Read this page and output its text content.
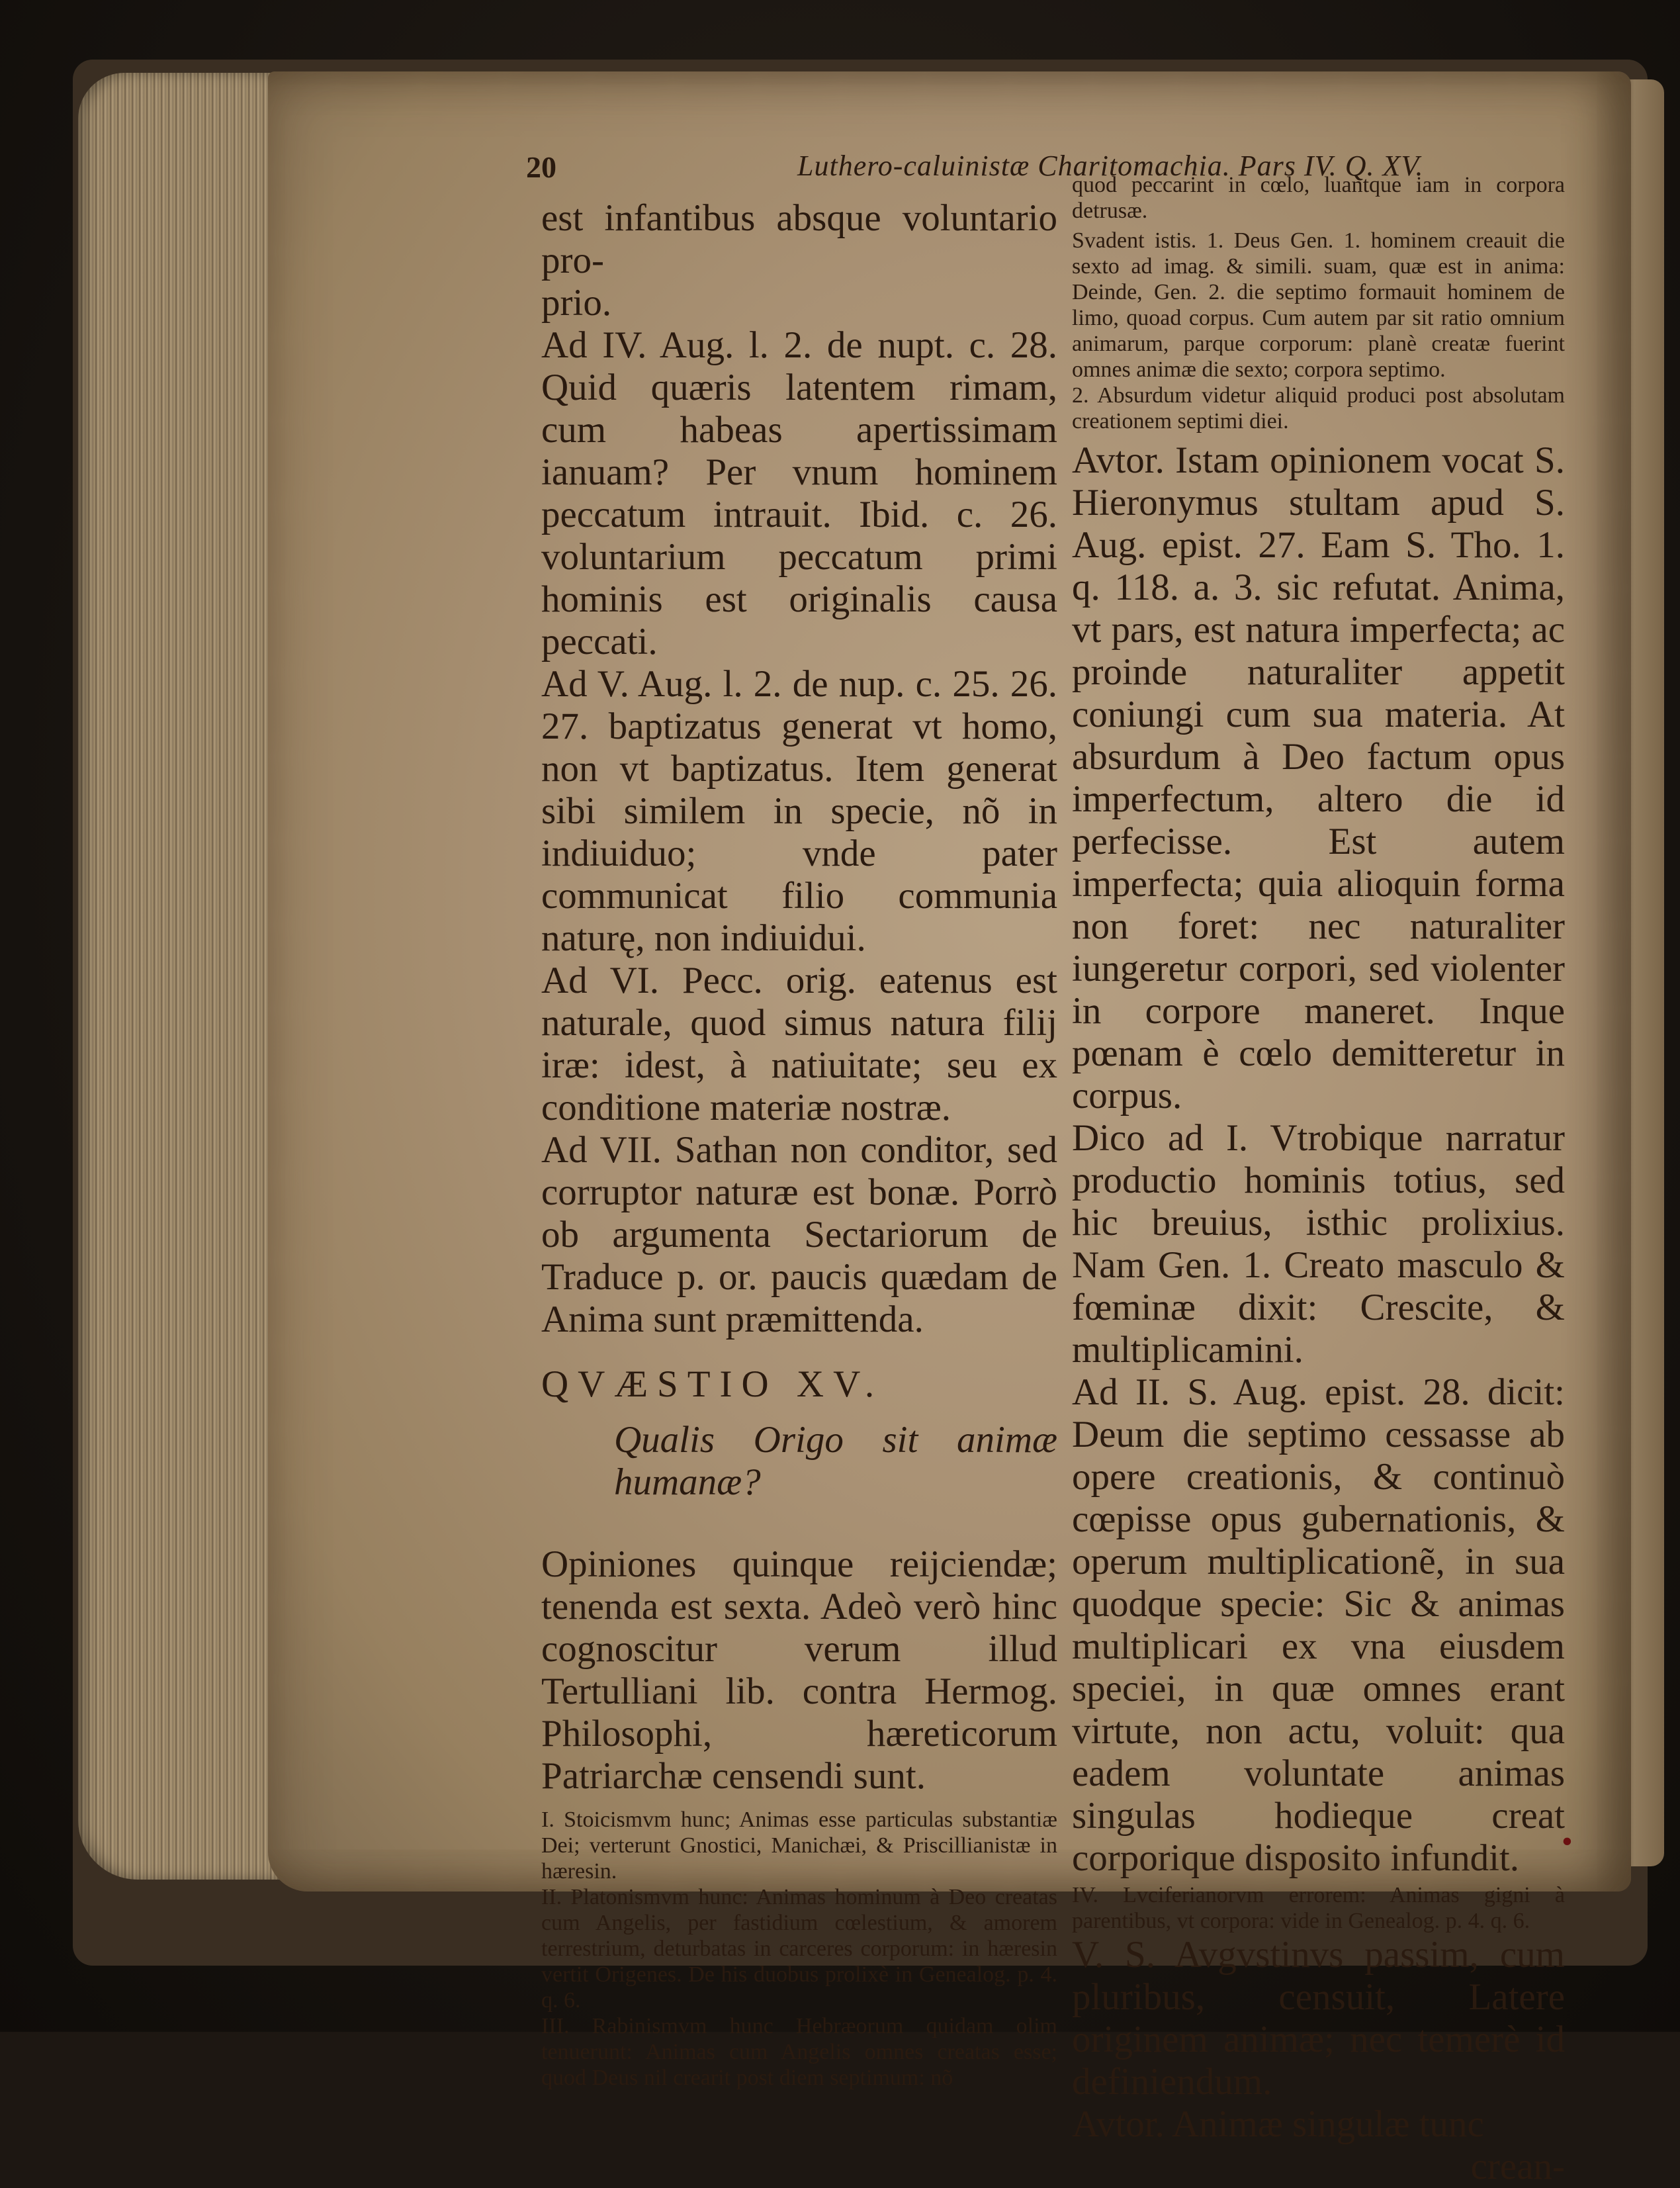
20	Luthero-caluinistæ Charitomachia. Pars IV. Q. XV.

est infantibus absque voluntario pro-

prio.

Ad IV. Aug. l. 2. de nupt. c. 28. Quid quæris latentem rimam, cum habeas apertissimam ianuam? Per vnum hominem peccatum intrauit. Ibid. c. 26. voluntarium peccatum primi hominis est originalis causa peccati.

Ad V. Aug. l. 2. de nup. c. 25. 26. 27. baptizatus generat vt homo, non vt baptizatus. Item generat sibi similem in specie, nõ in indiuiduo; vnde pater communicat filio communia naturę, non indiuidui.

Ad VI. Pecc. orig. eatenus est naturale, quod simus natura filij iræ: idest, à natiuitate; seu ex conditione materiæ nostræ.

Ad VII. Sathan non conditor, sed corruptor naturæ est bonæ. Porrò ob argumenta Sectariorum de Traduce p. or. paucis quædam de Anima sunt præmittenda.

QVÆSTIO XV.

Qualis Origo sit animæ humanæ?

Opiniones quinque reijciendæ; tenenda est sexta. Adeò verò hinc cognoscitur verum illud Tertulliani lib. contra Hermog. Philosophi, hæreticorum Patriarchæ censendi sunt.

I. Stoicismvm hunc; Animas esse particulas substantiæ Dei; verterunt Gnostici, Manichæi, & Priscillianistæ in hæresin.

II. Platonismvm hunc: Animas hominum à Deo creatas cum Angelis, per fastidium cœlestium, & amorem terrestrium, deturbatas in carceres corporum: in hæresin vertit Origenes. De his duobus prolixè in Genealog. p. 4. q. 6.

III. Rabinismvm hunc Hebræorum quidam olim tenuerunt: Animas cum Angelis omnes creatas esse; quod Deus nil crearit post diem septimum: nõ

quod peccarint in cœlo, luantque iam in corpora detrusæ.

Svadent istis. 1. Deus Gen. 1. hominem creauit die sexto ad imag. & simili. suam, quæ est in anima: Deinde, Gen. 2. die septimo formauit hominem de limo, quoad corpus. Cum autem par sit ratio omnium animarum, parque corporum: planè creatæ fuerint omnes animæ die sexto; corpora septimo.

2. Absurdum videtur aliquid produci post absolutam creationem septimi diei.

Avtor. Istam opinionem vocat S. Hieronymus stultam apud S. Aug. epist. 27. Eam S. Tho. 1. q. 118. a. 3. sic refutat. Anima, vt pars, est natura imperfecta; ac proinde naturaliter appetit coniungi cum sua materia. At absurdum à Deo factum opus imperfectum, altero die id perfecisse. Est autem imperfecta; quia alioquin forma non foret: nec naturaliter iungeretur corpori, sed violenter in corpore maneret. Inque pœnam è cœlo demitteretur in corpus.

Dico ad I. Vtrobique narratur productio hominis totius, sed hic breuius, isthic prolixius. Nam Gen. 1. Creato masculo & fœminæ dixit: Crescite, & multiplicamini.

Ad II. S. Aug. epist. 28. dicit: Deum die septimo cessasse ab opere creationis, & continuò cœpisse opus gubernationis, & operum multiplicationẽ, in sua quodque specie: Sic & animas multiplicari ex vna eiusdem speciei, in quæ omnes erant virtute, non actu, voluit: qua eadem voluntate animas singulas hodieque creat corporique disposito infundit.

IV. Lvciferianorvm errorem: Animas gigni à parentibus, vt corpora: vide in Genealog. p. 4. q. 6.

V. S. Avgvstinvs passim, cum pluribus, censuit, Latere originem animæ; nec temerè id definiendum.

Avtor. Animæ singulæ tunc

crean-

•
